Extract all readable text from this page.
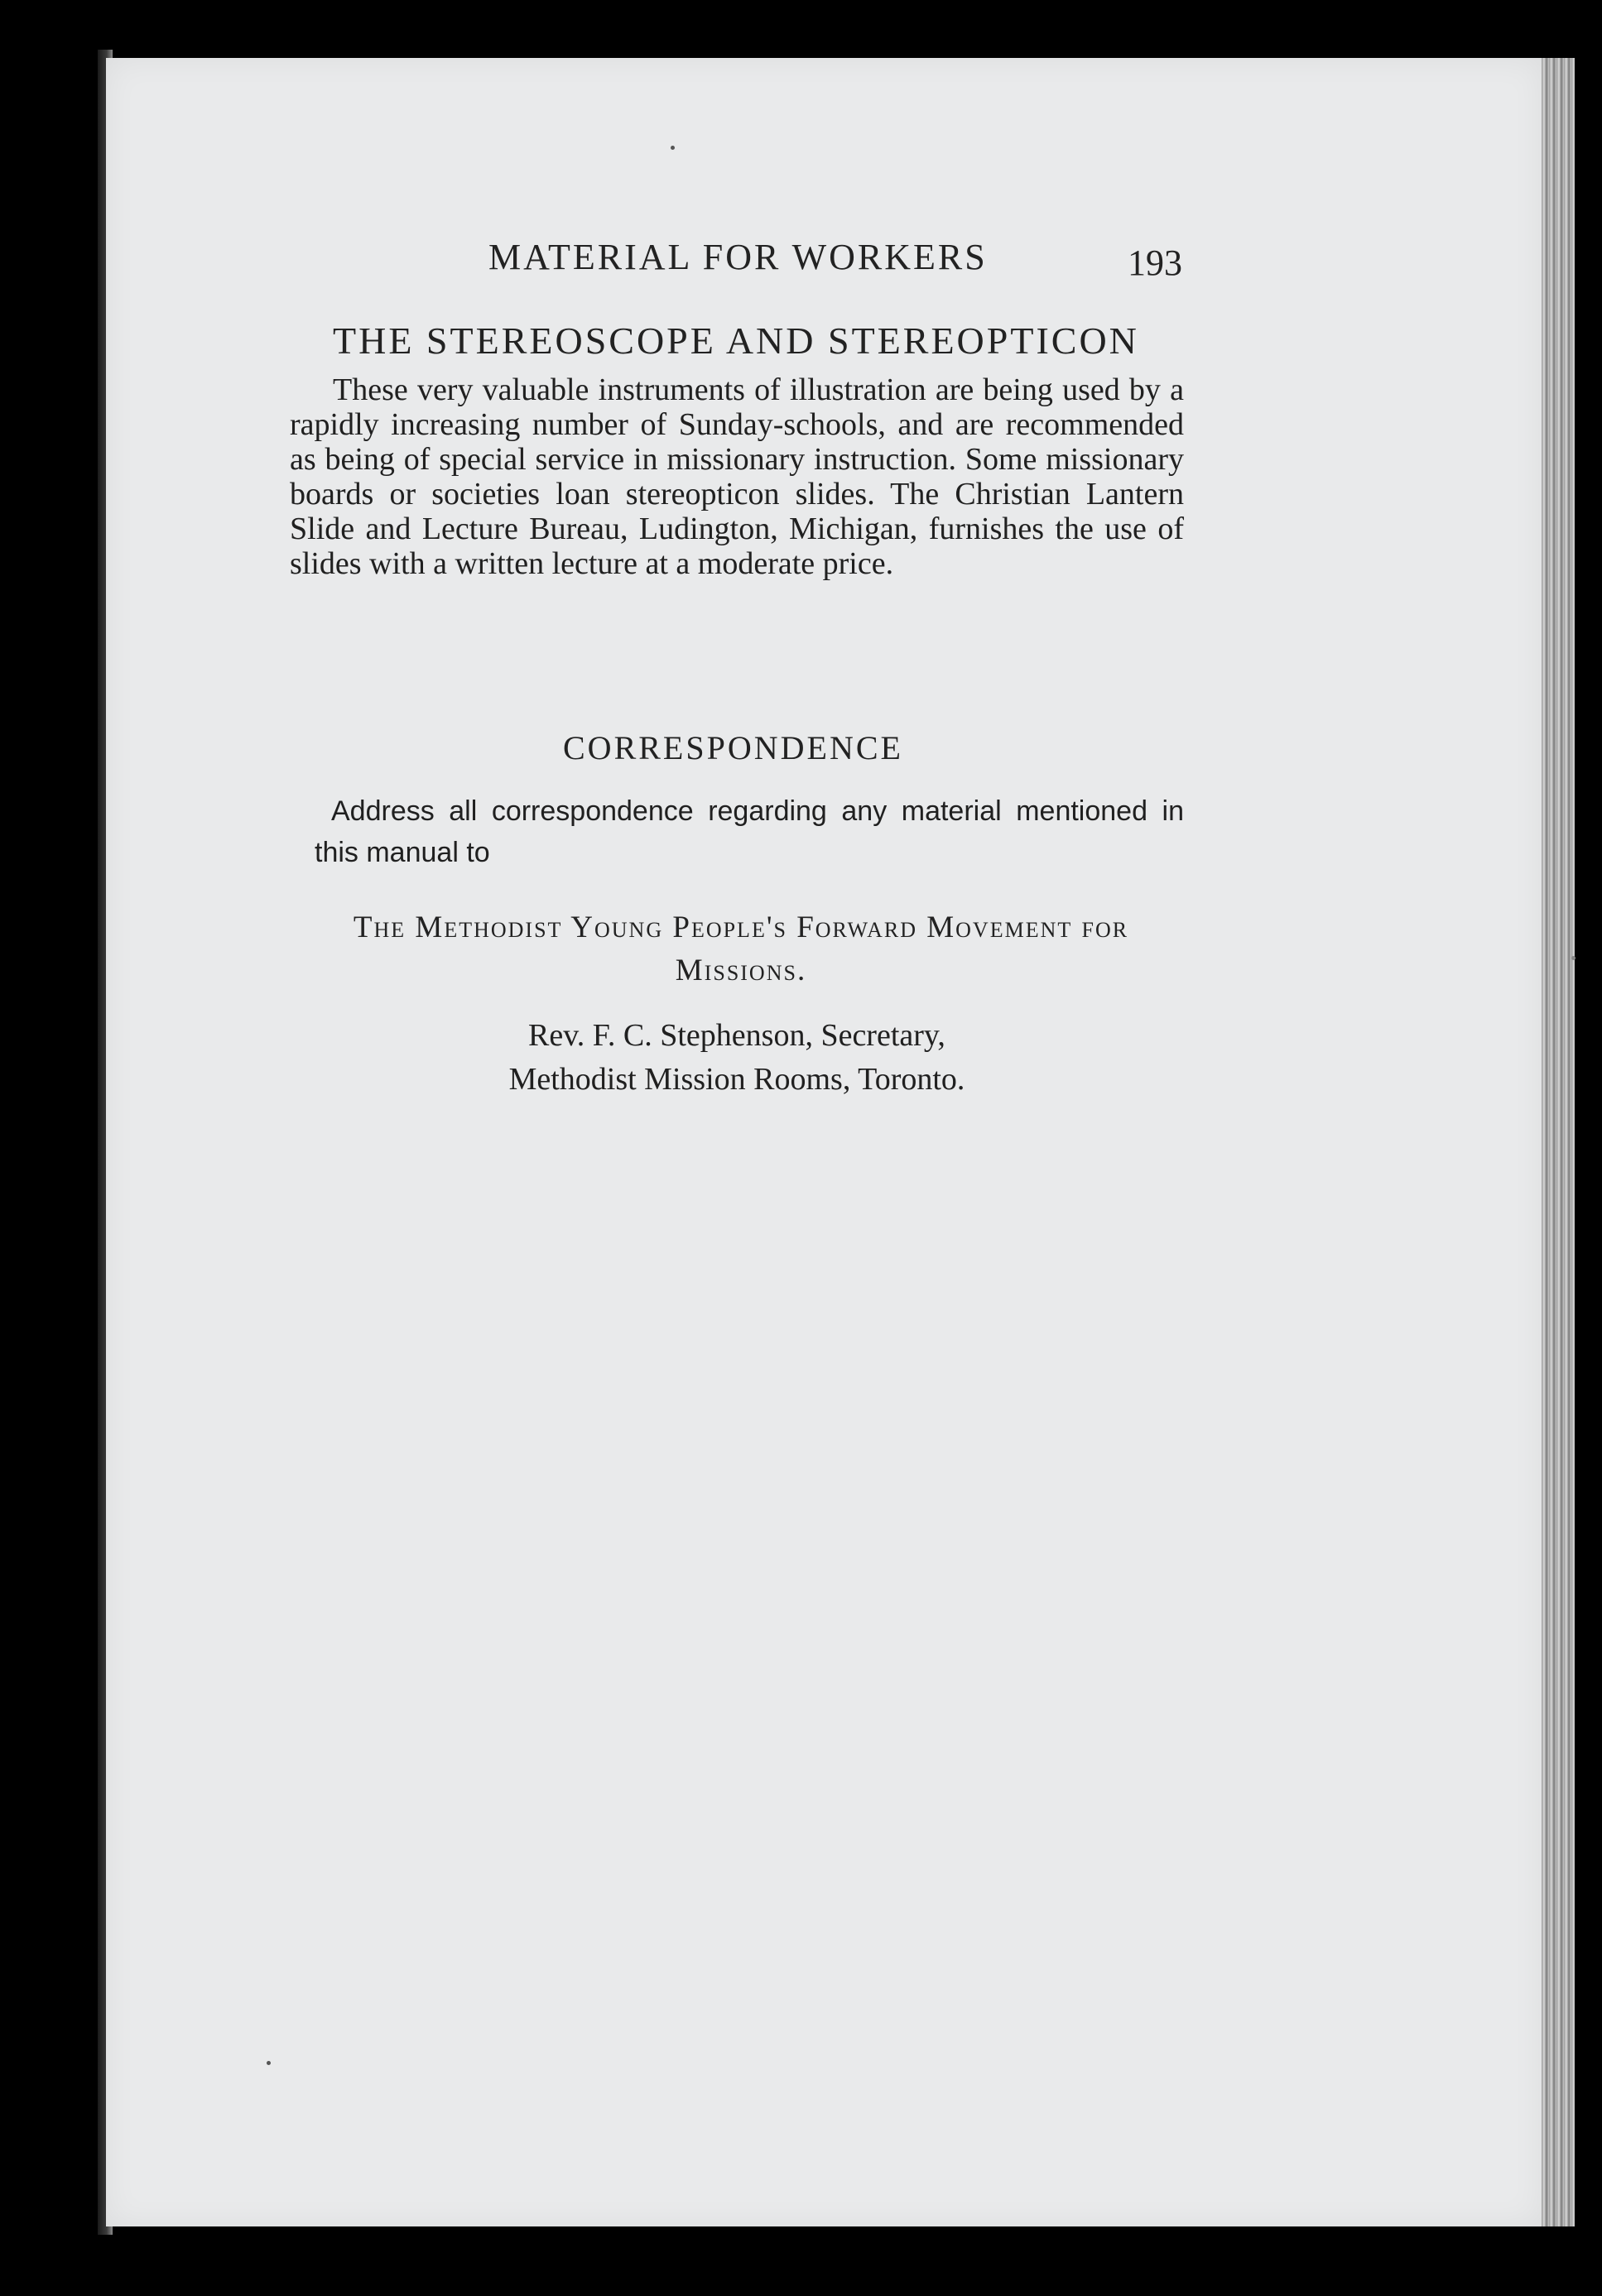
MATERIAL FOR WORKERS	193
THE STEREOSCOPE AND STEREOPTICON
These very valuable instruments of illustration are being used by a rapidly increasing number of Sunday-schools, and are recommended as being of special service in missionary instruction. Some missionary boards or societies loan stereopticon slides. The Christian Lantern Slide and Lecture Bureau, Ludington, Michigan, furnishes the use of slides with a written lecture at a moderate price.
CORRESPONDENCE
Address all correspondence regarding any material mentioned in this manual to
The Methodist Young People's Forward Movement for Missions.
Rev. F. C. Stephenson, Secretary,
Methodist Mission Rooms, Toronto.
